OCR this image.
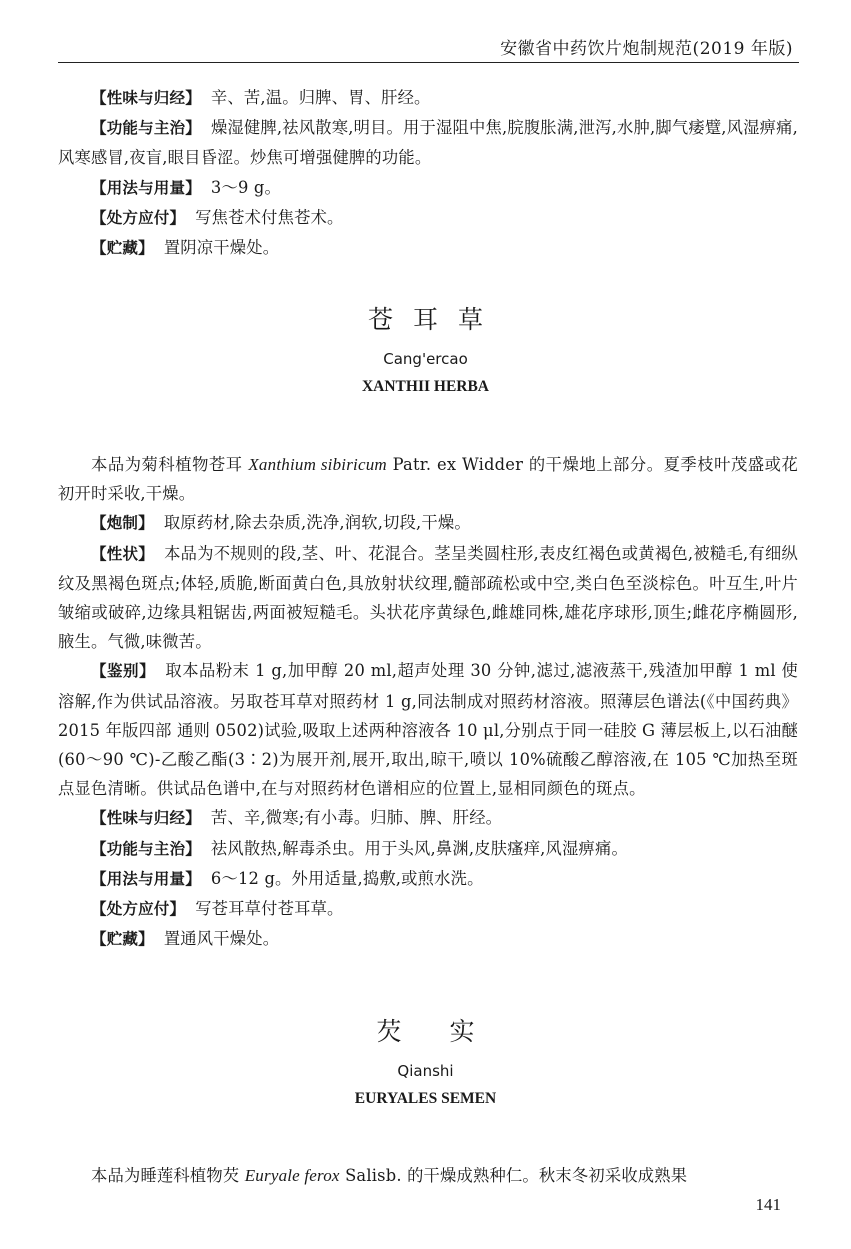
安徽省中药饮片炮制规范(2019 年版)

【性味与归经】 辛、苦,温。归脾、胃、肝经。

【功能与主治】 燥湿健脾,祛风散寒,明目。用于湿阻中焦,脘腹胀满,泄泻,水肿,脚气痿躄,风湿痹痛,风寒感冒,夜盲,眼目昏涩。炒焦可增强健脾的功能。

【用法与用量】 3～9 g。

【处方应付】 写焦苍术付焦苍术。

【贮藏】 置阴凉干燥处。

苍耳草
Cang'ercao
XANTHII HERBA

本品为菊科植物苍耳 Xanthium sibiricum Patr. ex Widder 的干燥地上部分。夏季枝叶茂盛或花初开时采收,干燥。

【炮制】 取原药材,除去杂质,洗净,润软,切段,干燥。

【性状】 本品为不规则的段,茎、叶、花混合。茎呈类圆柱形,表皮红褐色或黄褐色,被糙毛,有细纵纹及黑褐色斑点;体轻,质脆,断面黄白色,具放射状纹理,髓部疏松或中空,类白色至淡棕色。叶互生,叶片皱缩或破碎,边缘具粗锯齿,两面被短糙毛。头状花序黄绿色,雌雄同株,雄花序球形,顶生;雌花序椭圆形,腋生。气微,味微苦。

【鉴别】 取本品粉末 1 g,加甲醇 20 ml,超声处理 30 分钟,滤过,滤液蒸干,残渣加甲醇 1 ml 使溶解,作为供试品溶液。另取苍耳草对照药材 1 g,同法制成对照药材溶液。照薄层色谱法(《中国药典》2015 年版四部 通则 0502)试验,吸取上述两种溶液各 10 μl,分别点于同一硅胶 G 薄层板上,以石油醚(60～90 ℃)-乙酸乙酯(3∶2)为展开剂,展开,取出,晾干,喷以 10%硫酸乙醇溶液,在 105 ℃加热至斑点显色清晰。供试品色谱中,在与对照药材色谱相应的位置上,显相同颜色的斑点。

【性味与归经】 苦、辛,微寒;有小毒。归肺、脾、肝经。

【功能与主治】 祛风散热,解毒杀虫。用于头风,鼻渊,皮肤瘙痒,风湿痹痛。

【用法与用量】 6～12 g。外用适量,捣敷,或煎水洗。

【处方应付】 写苍耳草付苍耳草。

【贮藏】 置通风干燥处。

芡实
Qianshi
EURYALES SEMEN

本品为睡莲科植物芡 Euryale ferox Salisb. 的干燥成熟种仁。秋末冬初采收成熟果

141
